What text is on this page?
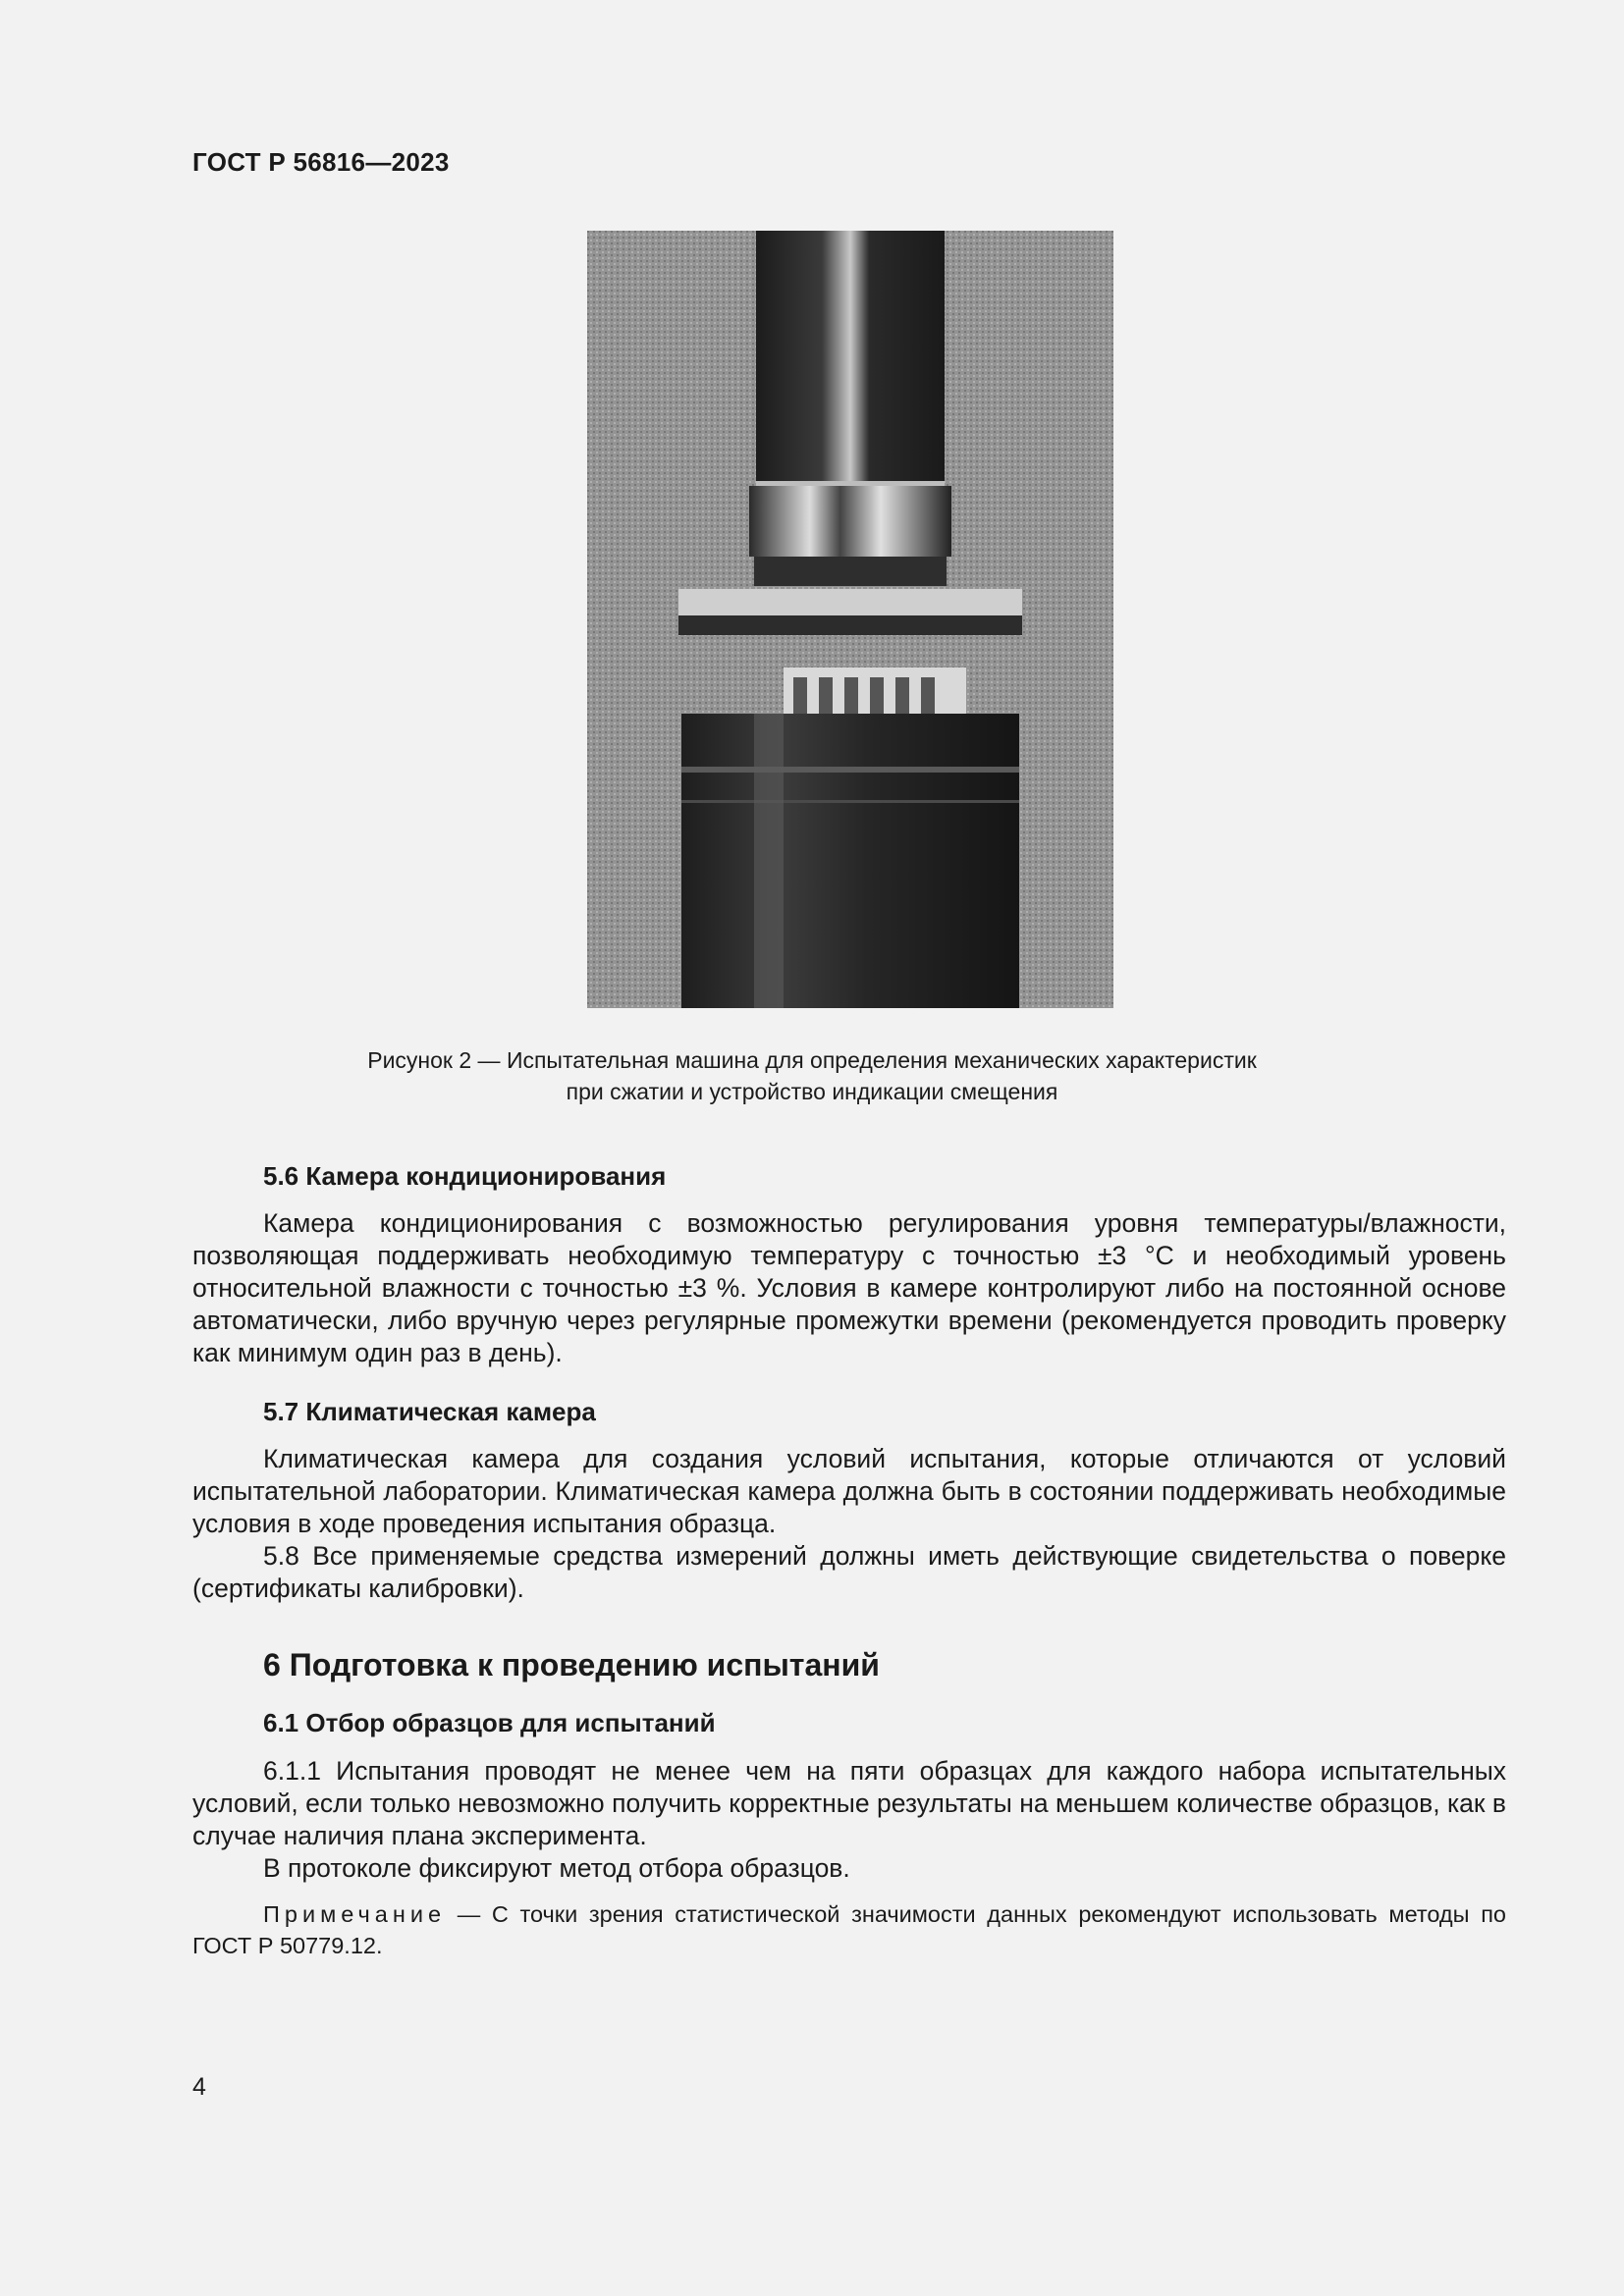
ГОСТ Р 56816—2023
Рисунок 2 — Испытательная машина для определения механических характеристик
при сжатии и устройство индикации смещения
5.6 Камера кондиционирования

Камера кондиционирования с возможностью регулирования уровня температуры/влажности, позволяющая поддерживать необходимую температуру с точностью ±3 °С и необходимый уровень относительной влажности с точностью ±3 %. Условия в камере контролируют либо на постоянной основе автоматически, либо вручную через регулярные промежутки времени (рекомендуется проводить проверку как минимум один раз в день).

5.7 Климатическая камера

Климатическая камера для создания условий испытания, которые отличаются от условий испытательной лаборатории. Климатическая камера должна быть в состоянии поддерживать необходимые условия в ходе проведения испытания образца.

5.8 Все применяемые средства измерений должны иметь действующие свидетельства о поверке (сертификаты калибровки).

6 Подготовка к проведению испытаний
6.1 Отбор образцов для испытаний

6.1.1 Испытания проводят не менее чем на пяти образцах для каждого набора испытательных условий, если только невозможно получить корректные результаты на меньшем количестве образцов, как в случае наличия плана эксперимента.

В протоколе фиксируют метод отбора образцов.

Примечание — С точки зрения статистической значимости данных рекомендуют использовать методы по ГОСТ Р 50779.12.

4
